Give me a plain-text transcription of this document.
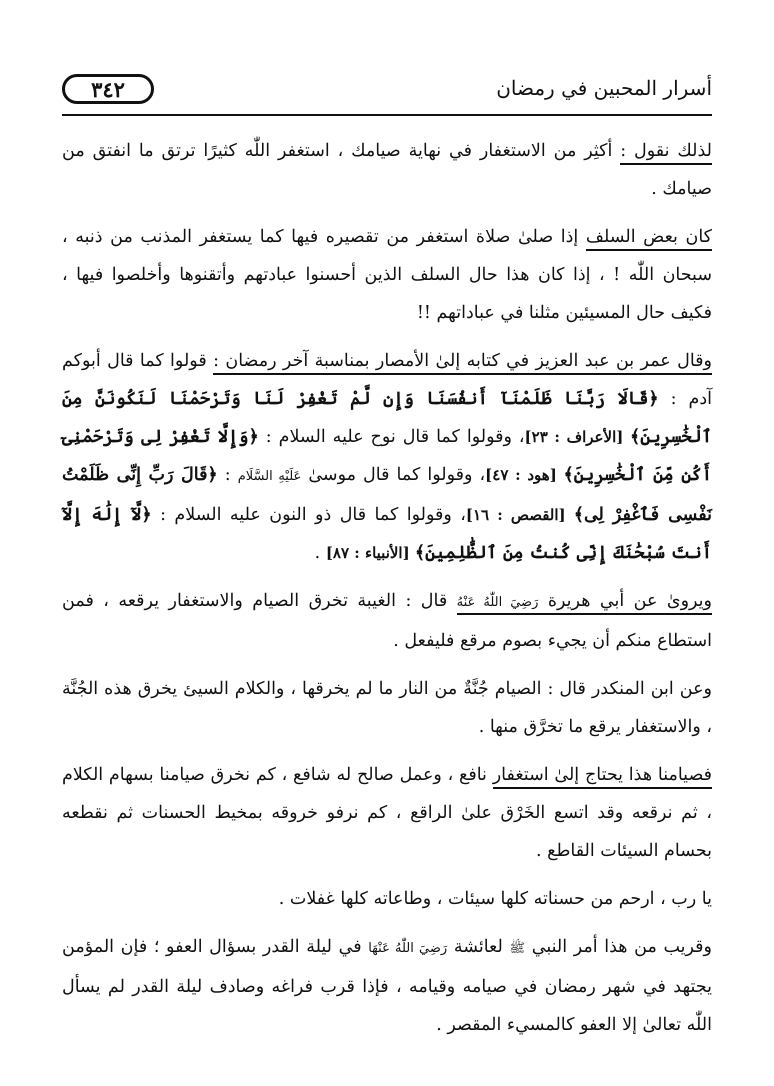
أسرار المحبين في رمضان
٣٤٢

لذلك نقول : أكثِر من الاستغفار في نهاية صيامك ، استغفر اللّٰه كثيرًا ترتق ما انفتق من صيامك .

كان بعض السلف إذا صلىٰ صلاة استغفر من تقصيره فيها كما يستغفر المذنب من ذنبه ، سبحان اللّٰه ! ، إذا كان هذا حال السلف الذين أحسنوا عبادتهم وأتقنوها وأخلصوا فيها ، فكيف حال المسيئين مثلنا في عباداتهم !!

وقال عمر بن عبد العزيز في كتابه إلىٰ الأمصار بمناسبة آخر رمضان : قولوا كما قال أبوكم آدم : ﴿قَالَا رَبَّنَا ظَلَمْنَآ أَنفُسَنَا وَإِن لَّمْ تَغْفِرْ لَنَا وَتَرْحَمْنَا لَنَكُونَنَّ مِنَ ٱلْخَٰسِرِينَ﴾ [الأعراف : ٢٣]، وقولوا كما قال نوح عليه السلام : ﴿وَإِلَّا تَغْفِرْ لِى وَتَرْحَمْنِىٓ أَكُن مِّنَ ٱلْخَٰسِرِينَ﴾ [هود : ٤٧]، وقولوا كما قال موسىٰ عَلَيْهِ السَّلَام : ﴿قَالَ رَبِّ إِنِّى ظَلَمْتُ نَفْسِى فَٱغْفِرْ لِى﴾ [القصص : ١٦]، وقولوا كما قال ذو النون عليه السلام : ﴿لَّآ إِلَٰهَ إِلَّآ أَنتَ سُبْحَٰنَكَ إِنِّى كُنتُ مِنَ ٱلظَّٰلِمِينَ﴾ [الأنبياء : ٨٧] .

ويروىٰ عن أبي هريرة رَضِيَ اللّٰهُ عَنْهُ قال : الغيبة تخرق الصيام والاستغفار يرقعه ، فمن استطاع منكم أن يجيء بصوم مرقع فليفعل .

وعن ابن المنكدر قال : الصيام جُنَّةٌ من النار ما لم يخرقها ، والكلام السيئ يخرق هذه الجُنَّة ، والاستغفار يرقع ما تخرَّق منها .

فصيامنا هذا يحتاج إلىٰ استغفار نافع ، وعمل صالح له شافع ، كم نخرق صيامنا بسهام الكلام ، ثم نرقعه وقد اتسع الخَرْق علىٰ الراقع ، كم نرفو خروقه بمخيط الحسنات ثم نقطعه بحسام السيئات القاطع .

يا رب ، ارحم من حسناته كلها سيئات ، وطاعاته كلها غفلات .

وقريب من هذا أمر النبي ﷺ لعائشة رَضِيَ اللّٰهُ عَنْهَا في ليلة القدر بسؤال العفو ؛ فإن المؤمن يجتهد في شهر رمضان في صيامه وقيامه ، فإذا قرب فراغه وصادف ليلة القدر لم يسأل اللّٰه تعالىٰ إلا العفو كالمسيء المقصر .
